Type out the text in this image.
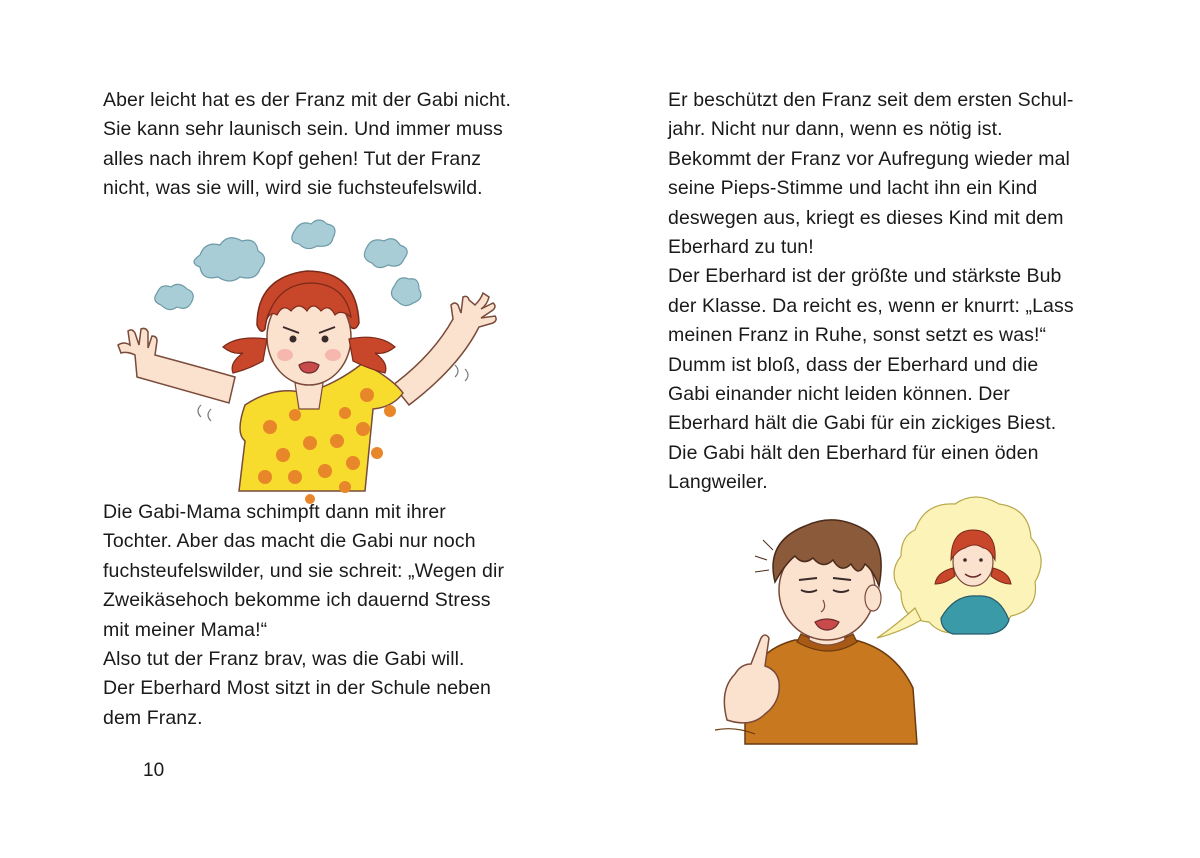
Aber leicht hat es der Franz mit der Gabi nicht.
Sie kann sehr launisch sein. Und immer muss
alles nach ihrem Kopf gehen! Tut der Franz
nicht, was sie will, wird sie fuchsteufelswild.
Die Gabi-Mama schimpft dann mit ihrer
Tochter. Aber das macht die Gabi nur noch
fuchsteufelswilder, und sie schreit: „Wegen dir
Zweikäsehoch bekomme ich dauernd Stress
mit meiner Mama!“
Also tut der Franz brav, was die Gabi will.
Der Eberhard Most sitzt in der Schule neben
dem Franz.
10
Er beschützt den Franz seit dem ersten Schul-
jahr. Nicht nur dann, wenn es nötig ist.
Bekommt der Franz vor Aufregung wieder mal
seine Pieps-Stimme und lacht ihn ein Kind
deswegen aus, kriegt es dieses Kind mit dem
Eberhard zu tun!
Der Eberhard ist der größte und stärkste Bub
der Klasse. Da reicht es, wenn er knurrt: „Lass
meinen Franz in Ruhe, sonst setzt es was!“
Dumm ist bloß, dass der Eberhard und die
Gabi einander nicht leiden können. Der
Eberhard hält die Gabi für ein zickiges Biest.
Die Gabi hält den Eberhard für einen öden
Langweiler.
